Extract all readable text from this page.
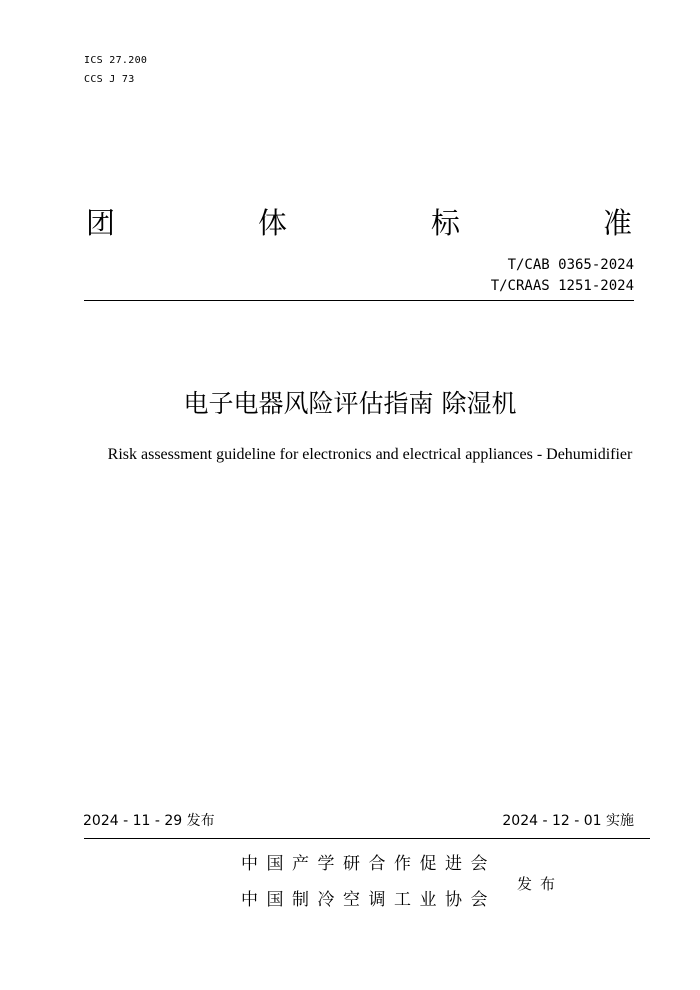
ICS 27.200
CCS J 73
团	体	标	准
T/CAB 0365-2024
T/CRAAS 1251-2024
电子电器风险评估指南 除湿机
Risk assessment guideline for electronics and electrical appliances - Dehumidifier
2024 - 11 - 29 发布	2024 - 12 - 01 实施
中国产学研合作促进会
中国制冷空调工业协会
发布
